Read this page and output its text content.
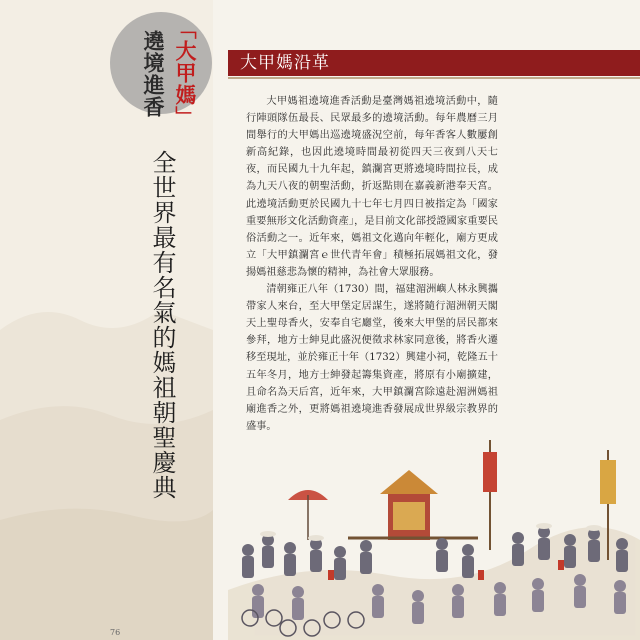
「大甲媽」
遶境進香
全世界最有名氣的媽祖朝聖慶典
大甲媽沿革

大甲媽祖遶境進香活動是臺灣媽祖遶境活動中，隨行陣頭隊伍最長、民眾最多的遶境活動。每年農曆三月間舉行的大甲媽出巡遶境盛況空前，每年香客人數屢創新高紀錄，也因此遶境時間最初從四天三夜到八天七夜，而民國九十九年起，鎮瀾宮更將遶境時間拉長，成為九天八夜的朝聖活動，折返點則在嘉義新港奉天宮。此遶境活動更於民國九十七年七月四日被指定為「國家重要無形文化活動資產」，是目前文化部授證國家重要民俗活動之一。近年來，媽祖文化邁向年輕化，廟方更成立「大甲鎮瀾宮ｅ世代青年會」積極拓展媽祖文化，發揚媽祖慈悲為懷的精神，為社會大眾服務。

清朝雍正八年（1730）間，福建湄洲嶼人林永興攜帶家人來台，至大甲堡定居謀生，遂將隨行湄洲朝天閣天上聖母香火，安奉自宅廳堂，後來大甲堡的居民都來參拜，地方士紳見此盛況便徵求林家同意後，將香火遷移至現址，並於雍正十年（1732）興建小祠，乾隆五十五年冬月，地方士紳發起籌集資產，將原有小廟擴建，且命名為天后宮，近年來，大甲鎮瀾宮除遠赴湄洲媽祖廟進香之外，更將媽祖遶境進香發展成世界級宗教界的盛事。

76
